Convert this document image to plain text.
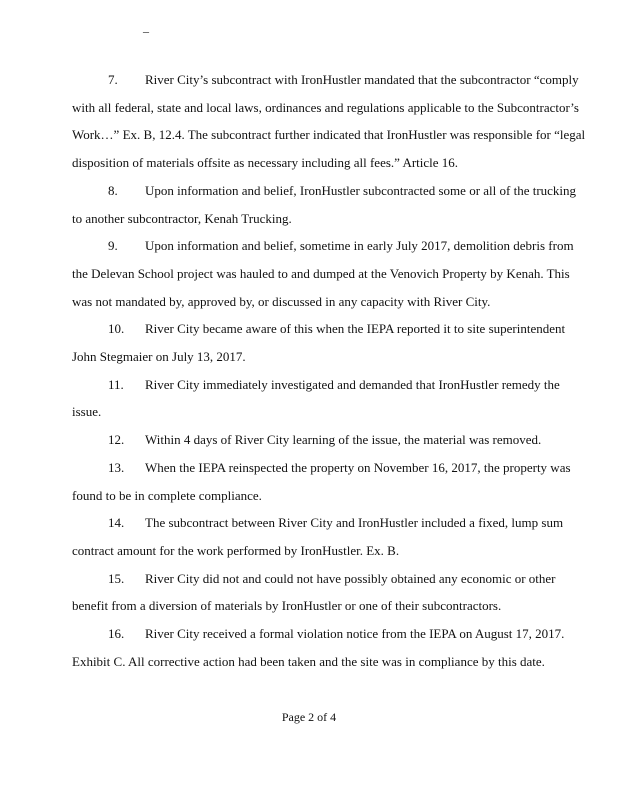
_
7. River City’s subcontract with IronHustler mandated that the subcontractor “comply
with all federal, state and local laws, ordinances and regulations applicable to the Subcontractor’s
Work…” Ex. B, 12.4. The subcontract further indicated that IronHustler was responsible for “legal
disposition of materials offsite as necessary including all fees.” Article 16.
8. Upon information and belief, IronHustler subcontracted some or all of the trucking
to another subcontractor, Kenah Trucking.
9. Upon information and belief, sometime in early July 2017, demolition debris from
the Delevan School project was hauled to and dumped at the Venovich Property by Kenah. This
was not mandated by, approved by, or discussed in any capacity with River City.
10. River City became aware of this when the IEPA reported it to site superintendent
John Stegmaier on July 13, 2017.
11. River City immediately investigated and demanded that IronHustler remedy the
issue.
12. Within 4 days of River City learning of the issue, the material was removed.
13. When the IEPA reinspected the property on November 16, 2017, the property was
found to be in complete compliance.
14. The subcontract between River City and IronHustler included a fixed, lump sum
contract amount for the work performed by IronHustler. Ex. B.
15. River City did not and could not have possibly obtained any economic or other
benefit from a diversion of materials by IronHustler or one of their subcontractors.
16. River City received a formal violation notice from the IEPA on August 17, 2017.
Exhibit C. All corrective action had been taken and the site was in compliance by this date.
Page 2 of 4
